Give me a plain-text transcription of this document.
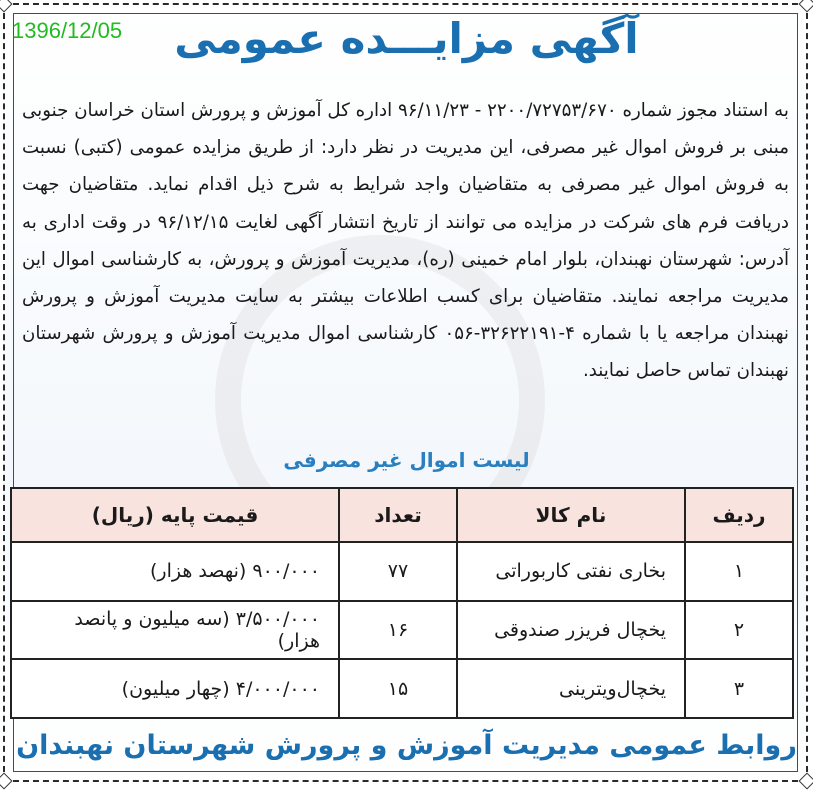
1396/12/05	آگهی مزایـــده عمومی
به استناد مجوز شماره ۲۲۰۰/۷۲۷۵۳/۶۷۰ - ۹۶/۱۱/۲۳ اداره کل آموزش و پرورش استان خراسان جنوبی مبنی بر فروش اموال غیر مصرفی، این مدیریت در نظر دارد: از طریق مزایده عمومی (کتبی) نسبت به فروش اموال غیر مصرفی به متقاضیان واجد شرایط به شرح ذیل اقدام نماید. متقاضیان جهت دریافت فرم های شرکت در مزایده می توانند از تاریخ انتشار آگهی لغایت ۹۶/۱۲/۱۵ در وقت اداری به آدرس: شهرستان نهبندان، بلوار امام خمینی (ره)، مدیریت آموزش و پرورش، به کارشناسی اموال این مدیریت مراجعه نمایند. متقاضیان برای کسب اطلاعات بیشتر به سایت مدیریت آموزش و پرورش نهبندان مراجعه یا با شماره ۴-۳۲۶۲۲۱۹۱-۰۵۶ کارشناسی اموال مدیریت آموزش و پرورش شهرستان نهبندان تماس حاصل نمایند.
لیست اموال غیر مصرفی
ردیف	نام کالا	تعداد	قیمت پایه (ریال)
۱	بخاری نفتی کاربوراتی	۷۷	۹۰۰/۰۰۰ (نهصد هزار)
۲	یخچال فریزر صندوقی	۱۶	۳/۵۰۰/۰۰۰ (سه میلیون و پانصد هزار)
۳	یخچال‌ویترینی	۱۵	۴/۰۰۰/۰۰۰ (چهار میلیون)
روابط عمومی مدیریت آموزش و پرورش شهرستان نهبندان
